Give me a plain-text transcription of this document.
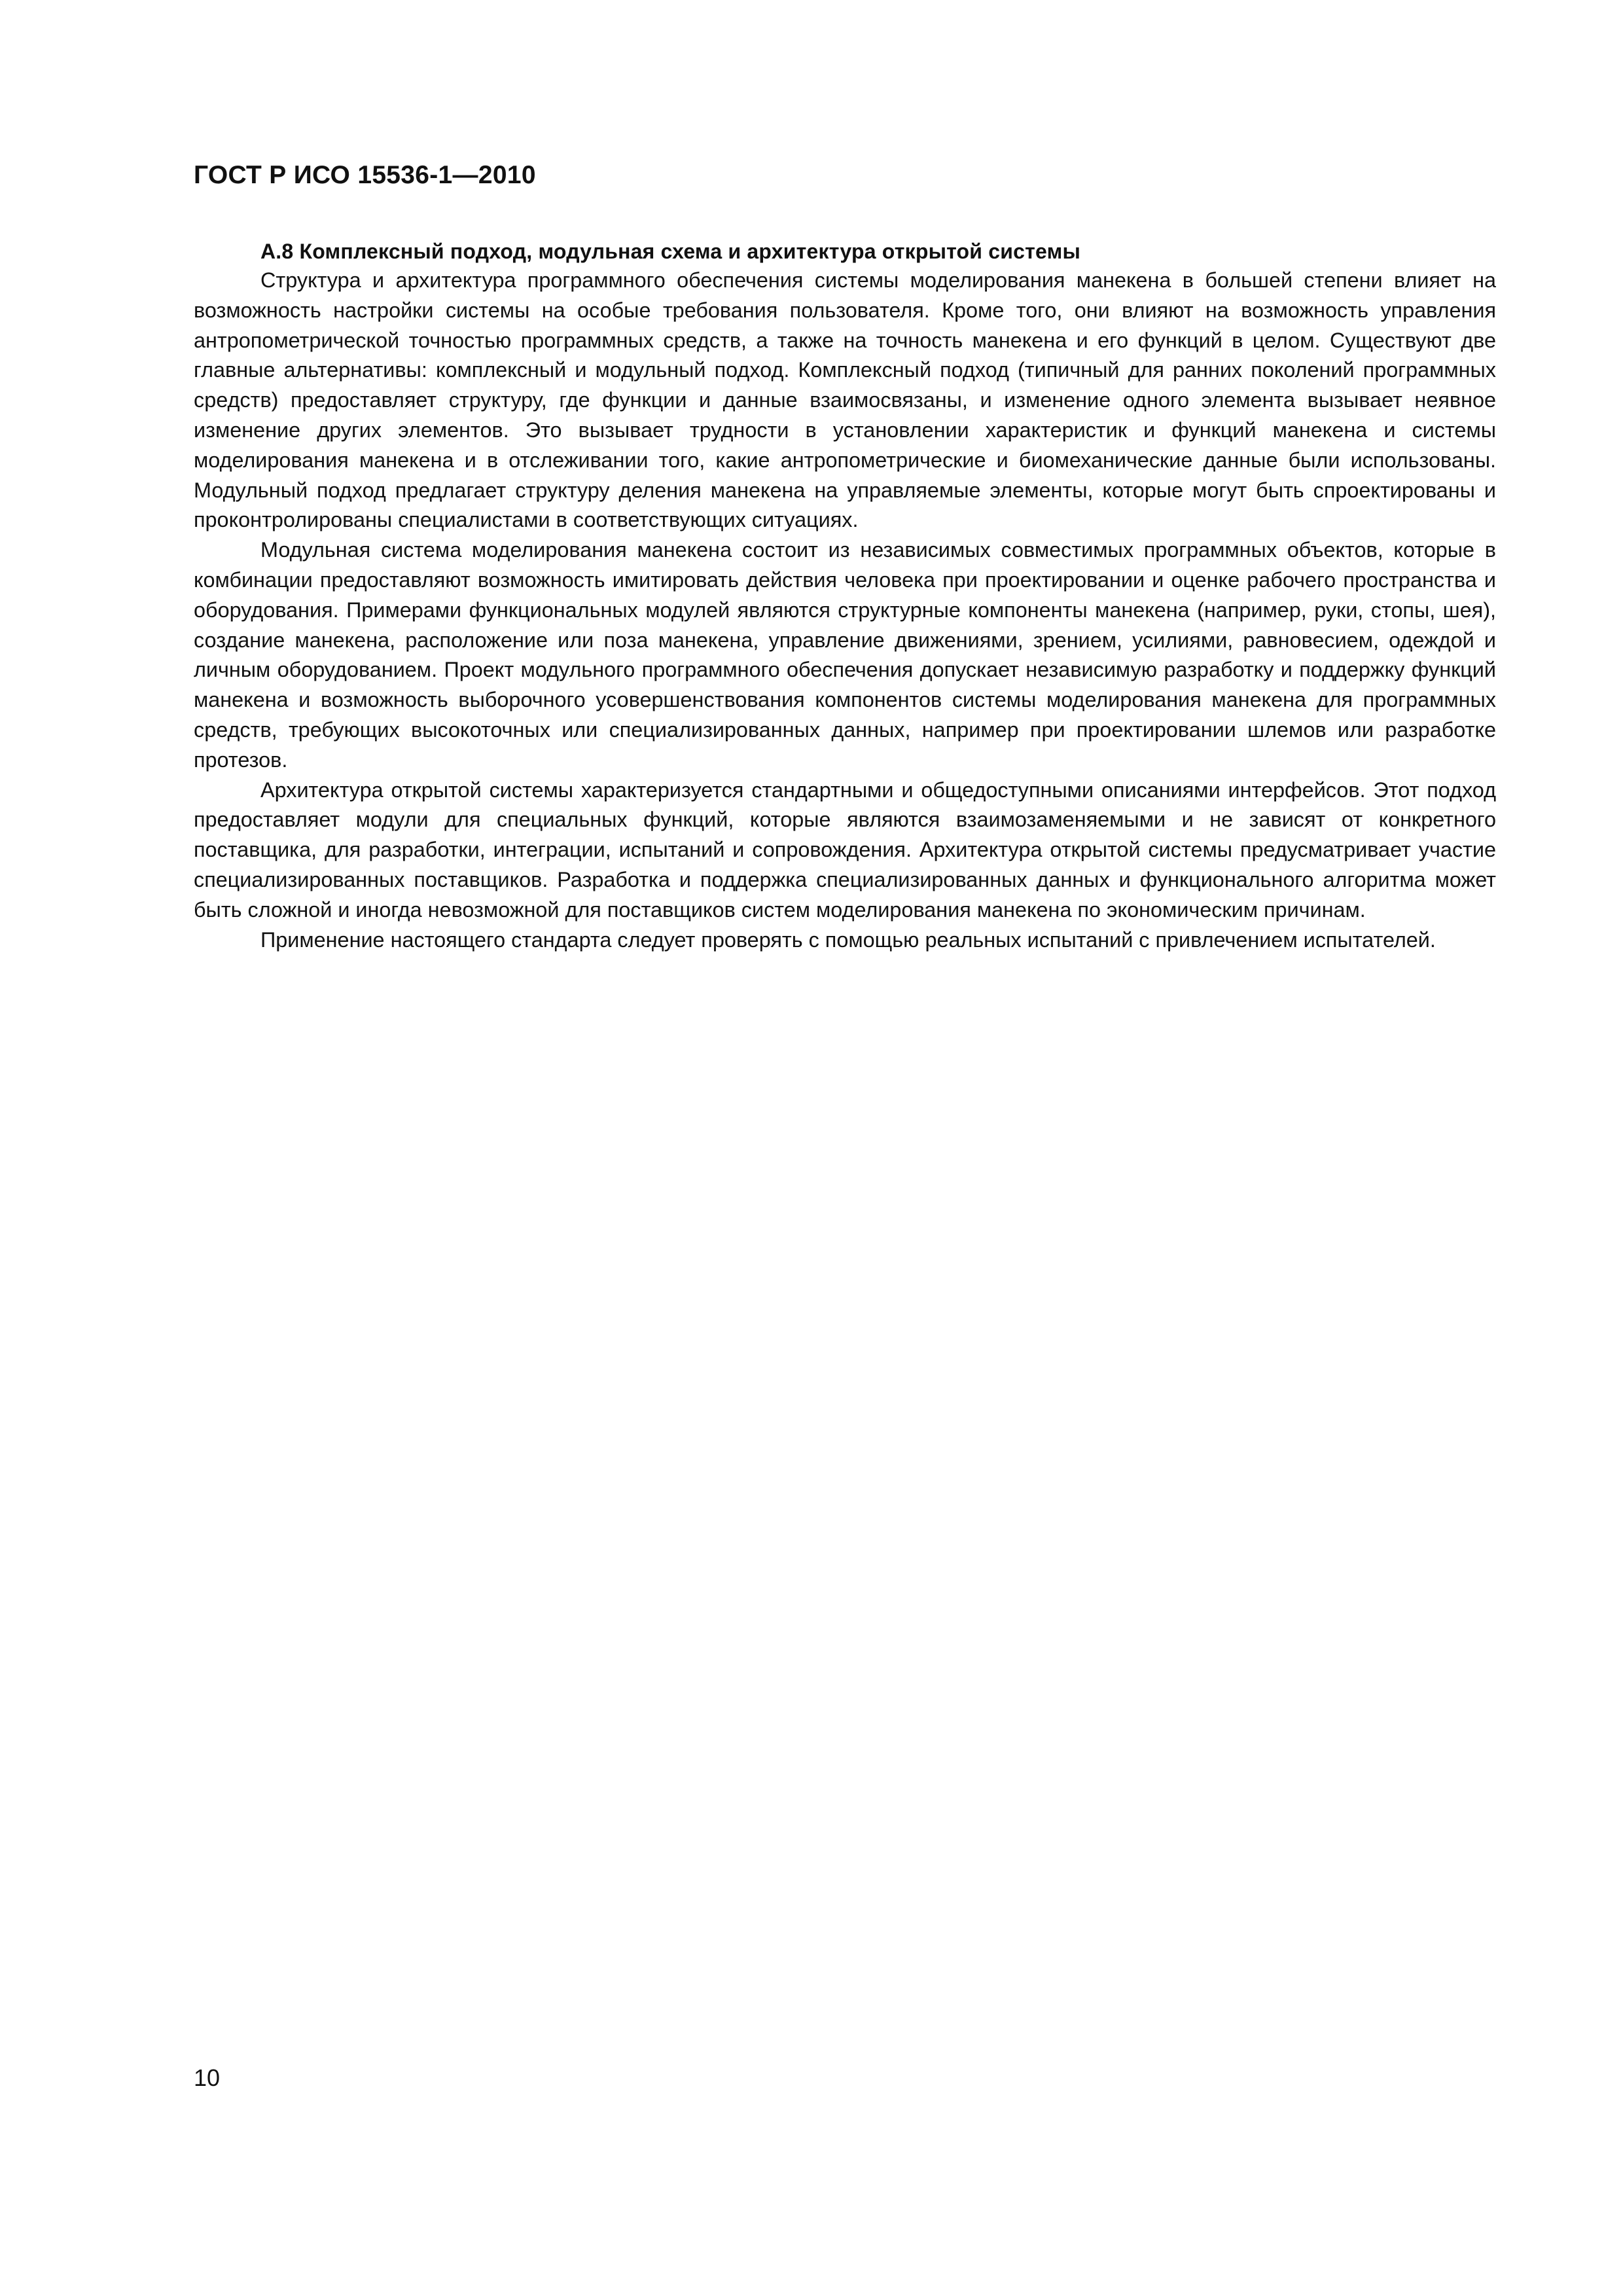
ГОСТ Р ИСО 15536-1—2010
А.8 Комплексный подход, модульная схема и архитектура открытой системы

Структура и архитектура программного обеспечения системы моделирования манекена в большей степени влияет на возможность настройки системы на особые требования пользователя. Кроме того, они влияют на возможность управления антропометрической точностью программных средств, а также на точность манекена и его функций в целом. Существуют две главные альтернативы: комплексный и модульный подход. Комплексный подход (типичный для ранних поколений программных средств) предоставляет структуру, где функции и данные взаимосвязаны, и изменение одного элемента вызывает неявное изменение других элементов. Это вызывает трудности в установлении характеристик и функций манекена и системы моделирования манекена и в отслеживании того, какие антропометрические и биомеханические данные были использованы. Модульный подход предлагает структуру деления манекена на управляемые элементы, которые могут быть спроектированы и проконтролированы специалистами в соответствующих ситуациях.

Модульная система моделирования манекена состоит из независимых совместимых программных объектов, которые в комбинации предоставляют возможность имитировать действия человека при проектировании и оценке рабочего пространства и оборудования. Примерами функциональных модулей являются структурные компоненты манекена (например, руки, стопы, шея), создание манекена, расположение или поза манекена, управление движениями, зрением, усилиями, равновесием, одеждой и личным оборудованием. Проект модульного программного обеспечения допускает независимую разработку и поддержку функций манекена и возможность выборочного усовершенствования компонентов системы моделирования манекена для программных средств, требующих высокоточных или специализированных данных, например при проектировании шлемов или разработке протезов.

Архитектура открытой системы характеризуется стандартными и общедоступными описаниями интерфейсов. Этот подход предоставляет модули для специальных функций, которые являются взаимозаменяемыми и не зависят от конкретного поставщика, для разработки, интеграции, испытаний и сопровождения. Архитектура открытой системы предусматривает участие специализированных поставщиков. Разработка и поддержка специализированных данных и функционального алгоритма может быть сложной и иногда невозможной для поставщиков систем моделирования манекена по экономическим причинам.

Применение настоящего стандарта следует проверять с помощью реальных испытаний с привлечением испытателей.

10
